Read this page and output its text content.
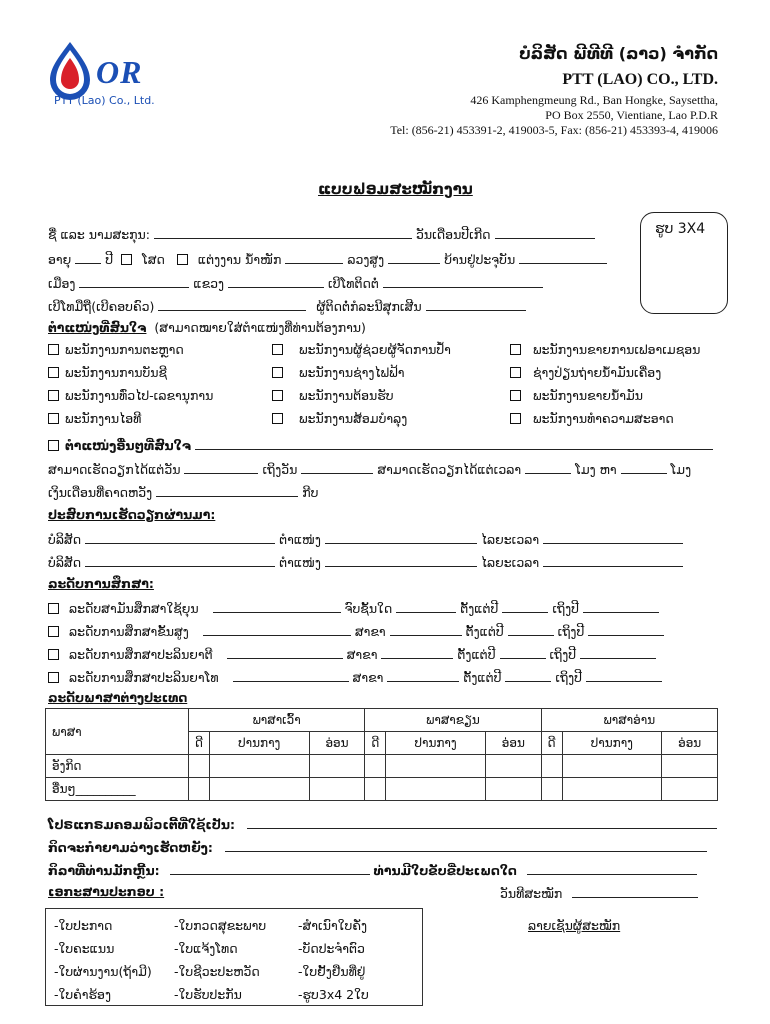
OR
PTT (Lao) Co., Ltd.
ບໍລິສັດ ພີທີທີ (ລາວ) ຈຳກັດ
PTT (LAO) CO., LTD.
426 Kamphengmeung Rd., Ban Hongke, Saysettha,
PO Box 2550, Vientiane, Lao P.D.R
Tel: (856-21) 453391-2, 419003-5, Fax: (856-21) 453393-4, 419006
ແບບຟອມສະໝັກງານ
ຮູບ 3X4
ຊື່ ແລະ ນາມສະກຸນ:	ວັນເດືອນປີເກີດ
ອາຍຸ	ປີ ໂສດ	ແຕ່ງງານ ນໍ້າໜັກ	ລວງສູງ	ບ້ານຢູ່ປະຈຸບັນ
ເມືອງ	ແຂວງ	ເບີໂທຕິດຕໍ່
ເບີໂທມືຖື(ເບີຄອບຄົວ)	ຜູ້ຕິດຕໍ່ກໍລະນີສຸກເສີນ
ຕຳແໜ່ງທີ່ສົນໃຈ (ສາມາດໝາຍໃສ່ຕຳແໜ່ງທີ່ທ່ານຕ້ອງການ)
ພະນັກງານການຕະຫຼາດ
ພະນັກງານການບັນຊີ
ພະນັກງານທົ່ວໄປ-ເລຂານຸການ
ພະນັກງານໄອທີ
ພະນັກງານຜູ້ຊ່ວຍຜູ້ຈັດການປໍ້າ
ພະນັກງານຊ່າງໄຟຟ້າ
ພະນັກງານຕ້ອນຮັບ
ພະນັກງານສ້ອມບຳລຸງ
ພະນັກງານຂາຍການເຟອາເມຊອນ
ຊ່າງປ່ຽນຖ່າຍນໍ້າມັນເຄື່ອງ
ພະນັກງານຂາຍນໍ້າມັນ
ພະນັກງານທຳຄວາມສະອາດ
ຕຳແໜ່ງອື່ນໆທີ່ສົນໃຈ
ສາມາດເຮັດວຽກໄດ້ແຕ່ວັນ	ເຖິງວັນ	ສາມາດເຮັດວຽກໄດ້ແຕ່ເວລາ	ໂມງ ຫາ	ໂມງ
ເງິນເດືອນທີ່ຄາດຫວັງ	ກີບ
ປະສົບການເຮັດວຽກຜ່ານມາ:
ບໍລິສັດ	ຕຳແໜ່ງ	ໄລຍະເວລາ
ບໍລິສັດ	ຕຳແໜ່ງ	ໄລຍະເວລາ
ລະດັບການສຶກສາ:
ລະດັບສາມັນສຶກສາໃຊ້ຍຸນ	ຈົບຊັ້ນໃດ	ຕັ້ງແຕ່ປີ	ເຖິງປີ
ລະດັບການສຶກສາຂັ້ນສູງ	ສາຂາ	ຕັ້ງແຕ່ປີ	ເຖິງປີ
ລະດັບການສຶກສາປະລິນຍາຕີ	ສາຂາ	ຕັ້ງແຕ່ປີ	ເຖິງປີ
ລະດັບການສຶກສາປະລິນຍາໂທ	ສາຂາ	ຕັ້ງແຕ່ປີ	ເຖິງປີ
ລະດັບພາສາຕ່າງປະເທດ
ພາສາ	ພາສາເວົ້າ			ພາສາຂຽນ			ພາສາອ່ານ		
	ດີ	ປານກາງ	ອ່ອນ	ດີ	ປານກາງ	ອ່ອນ	ດີ	ປານກາງ	ອ່ອນ
ອັງກິດ									
ອື່ນໆ__________									
ໂປຣແກຣມຄອມພິວເຕີ້ທີ່ໃຊ້ເປັນ:
ກິດຈະກຳຍາມວ່າງເຮັດຫຍັງ:
ກິລາທີ່ທ່ານມັກຫຼີ້ນ:	ທ່ານມີໃບຂັບຂີ່ປະເພດໃດ
ເອກະສານປະກອບ :	ວັນທີສະໝັກ
-ໃບປະກາດ
-ໃບຄະແນນ
-ໃບຜ່ານງານ(ຖ້າມີ)
-ໃບຄຳຮ້ອງ
-ໃບກວດສຸຂະພາບ
-ໃບແຈ້ງໂທດ
-ໃບຊີວະປະຫວັດ
-ໃບຮັບປະກັນ
-ສຳເນົາໃບຄັ່ງ
-ບັດປະຈຳຕົວ
-ໃບຢັ້ງຢືນທີ່ຢູ່
-ຮູບ3x4 2ໃບ
ລາຍເຊັນຜູ້ສະໝັກ
